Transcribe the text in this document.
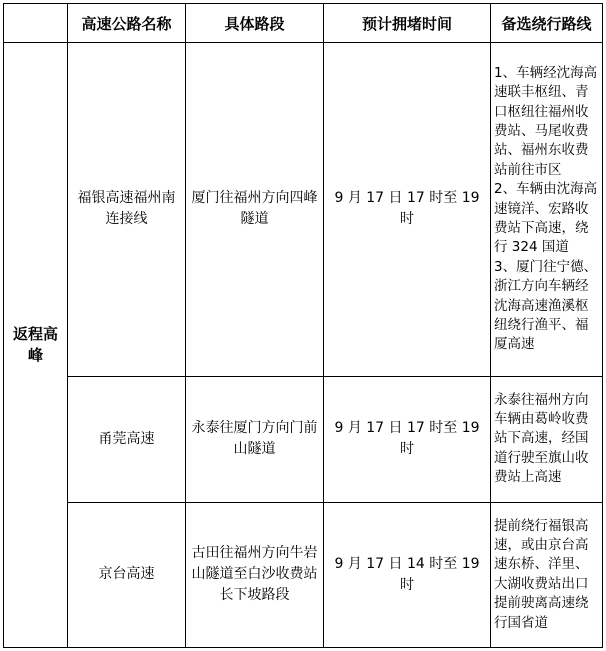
	高速公路名称	具体路段	预计拥堵时间	备选绕行路线
返程高峰	福银高速福州南连接线	厦门往福州方向四峰隧道	9 月 17 日 17 时至 19 时	1、车辆经沈海高速联丰枢纽、青口枢纽往福州收费站、马尾收费站、福州东收费站前往市区
2、车辆由沈海高速镜洋、宏路收费站下高速，绕行 324 国道
3、厦门往宁德、浙江方向车辆经沈海高速渔溪枢纽绕行渔平、福厦高速

	甬莞高速	永泰往厦门方向门前山隧道	9 月 17 日 17 时至 19 时	永泰往福州方向车辆由葛岭收费站下高速，经国道行驶至旗山收费站上高速
	京台高速	古田往福州方向牛岩山隧道至白沙收费站长下坡路段	9 月 17 日 14 时至 19 时	提前绕行福银高速，或由京台高速东桥、洋里、大湖收费站出口提前驶离高速绕行国省道
